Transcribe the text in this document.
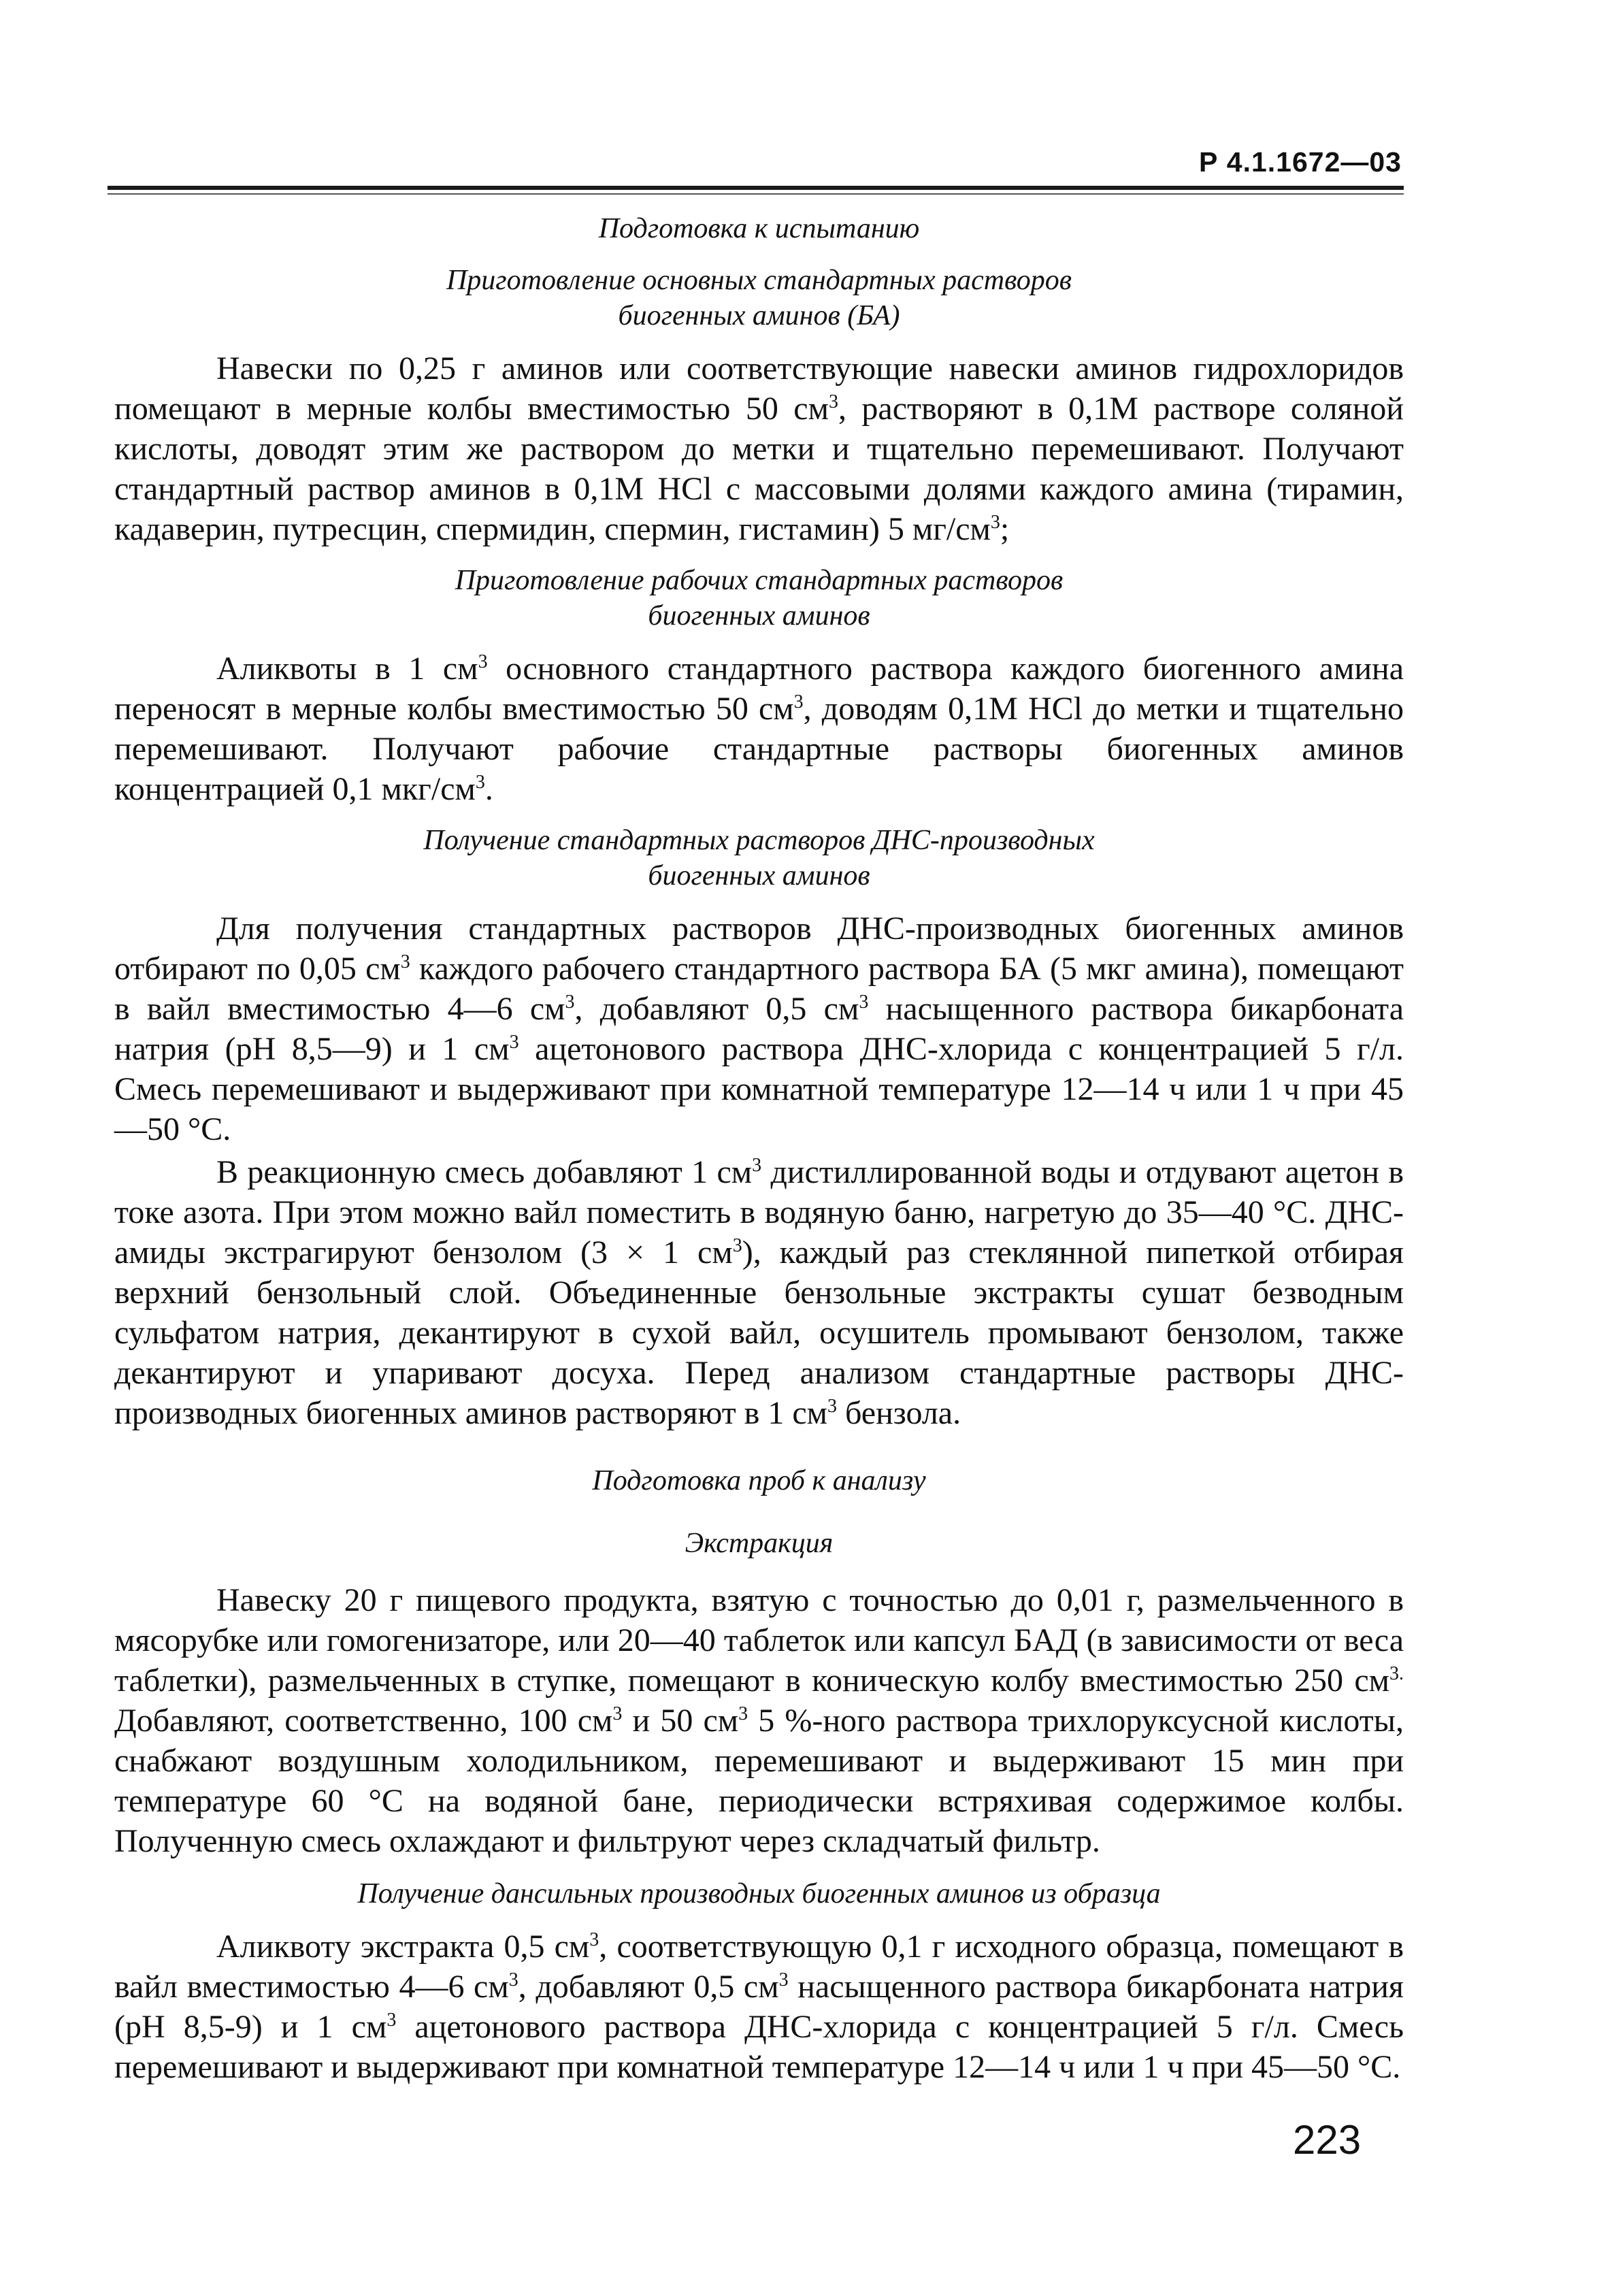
Р 4.1.1672—03
Подготовка к испытанию
Приготовление основных стандартных растворов
биогенных аминов (БА)

Навески по 0,25 г аминов или соответствующие навески аминов гидрохлоридов помещают в мерные колбы вместимостью 50 $см^3$, растворяют в 0,1М растворе соляной кислоты, доводят этим же раствором до метки и тщательно перемешивают. Получают стандартный раствор аминов в 0,1М HCl с массовыми долями каждого амина (тирамин, кадаверин, путресцин, спермидин, спермин, гистамин) 5 $мг/см^3$;

Приготовление рабочих стандартных растворов
биогенных аминов

Аликвоты в 1 $см^3$ основного стандартного раствора каждого биогенного амина переносят в мерные колбы вместимостью 50 $см^3$, доводям 0,1М HCl до метки и тщательно перемешивают. Получают рабочие стандартные растворы биогенных аминов концентрацией 0,1 мкг/$см^3$.

Получение стандартных растворов ДНС-производных
биогенных аминов

Для получения стандартных растворов ДНС-производных биогенных аминов отбирают по 0,05 $см^3$ каждого рабочего стандартного раствора БА (5 мкг амина), помещают в вайл вместимостью 4—6 $см^3$, добавляют 0,5 $см^3$ насыщенного раствора бикарбоната натрия (pH 8,5—9) и 1 $см^3$ ацетонового раствора ДНС-хлорида с концентрацией 5 г/л. Смесь перемешивают и выдерживают при комнатной температуре 12—14 ч или 1 ч при 45—50 °С.

В реакционную смесь добавляют 1 $см^3$ дистиллированной воды и отдувают ацетон в токе азота. При этом можно вайл поместить в водяную баню, нагретую до 35—40 °С. ДНС-амиды экстрагируют бензолом (3 × 1 $см^3$), каждый раз стеклянной пипеткой отбирая верхний бензольный слой. Объединенные бензольные экстракты сушат безводным сульфатом натрия, декантируют в сухой вайл, осушитель промывают бензолом, также декантируют и упаривают досуха. Перед анализом стандартные растворы ДНС-производных биогенных аминов растворяют в 1 $см^3$ бензола.

Подготовка проб к анализу
Экстракция

Навеску 20 г пищевого продукта, взятую с точностью до 0,01 г, размельченного в мясорубке или гомогенизаторе, или 20—40 таблеток или капсул БАД (в зависимости от веса таблетки), размельченных в ступке, помещают в коническую колбу вместимостью 250 $см^{3.}$ Добавляют, соответственно, 100 $см^3$ и 50 $см^3$ 5 %-ного раствора трихлоруксусной кислоты, снабжают воздушным холодильником, перемешивают и выдерживают 15 мин при температуре 60 °С на водяной бане, периодически встряхивая содержимое колбы. Полученную смесь охлаждают и фильтруют через складчатый фильтр.

Получение дансильных производных биогенных аминов из образца

Аликвоту экстракта 0,5 $см^3$, соответствующую 0,1 г исходного образца, помещают в вайл вместимостью 4—6 $см^3$, добавляют 0,5 $см^3$ насыщенного раствора бикарбоната натрия (pH 8,5-9) и 1 $см^3$ ацетонового раствора ДНС-хлорида с концентрацией 5 г/л. Смесь перемешивают и выдерживают при комнатной температуре 12—14 ч или 1 ч при 45—50 °С.

223
